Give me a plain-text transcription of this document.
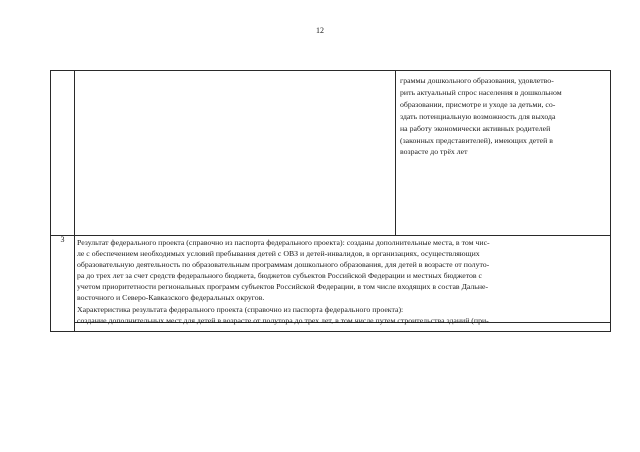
12

граммы дошкольного образования, удовлетво-

рить актуальный спрос населения в дошкольном

образовании, присмотре и уходе за детьми, со-

здать потенциальную возможность для выхода

на работу экономически активных родителей

(законных представителей), имеющих детей в

возрасте до трёх лет

3	Результат федерального проекта (справочно из паспорта федерального проекта): созданы дополнительные места, в том чис-
ле с обеспечением необходимых условий пребывания детей с ОВЗ и детей-инвалидов, в организациях, осуществляющих
образовательную деятельность по образовательным программам дошкольного образования, для детей в возрасте от полуто-
ра до трех лет за счет средств федерального бюджета, бюджетов субъектов Российской Федерации и местных бюджетов с
учетом приоритетности региональных программ субъектов Российской Федерации, в том числе входящих в состав Дальне-
восточного и Северо-Кавказского федеральных округов.
Характеристика результата федерального проекта (справочно из паспорта федерального проекта):
создание дополнительных мест для детей в возрасте от полутора до трех лет, в том числе путем строительства зданий (при-
